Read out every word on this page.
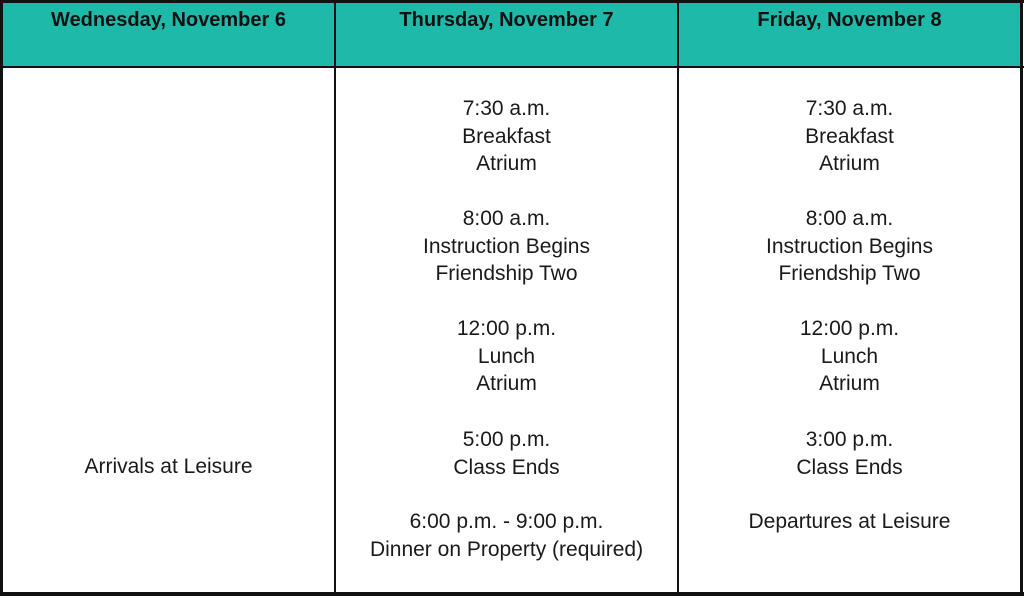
Wednesday, November 6	Thursday, November 7	Friday, November 8
Arrivals at Leisure
7:30 a.m.
Breakfast
Atrium
8:00 a.m.
Instruction Begins
Friendship Two
12:00 p.m.
Lunch
Atrium
5:00 p.m.
Class Ends
6:00 p.m. - 9:00 p.m.
Dinner on Property (required)
7:30 a.m.
Breakfast
Atrium
8:00 a.m.
Instruction Begins
Friendship Two
12:00 p.m.
Lunch
Atrium
3:00 p.m.
Class Ends
Departures at Leisure
